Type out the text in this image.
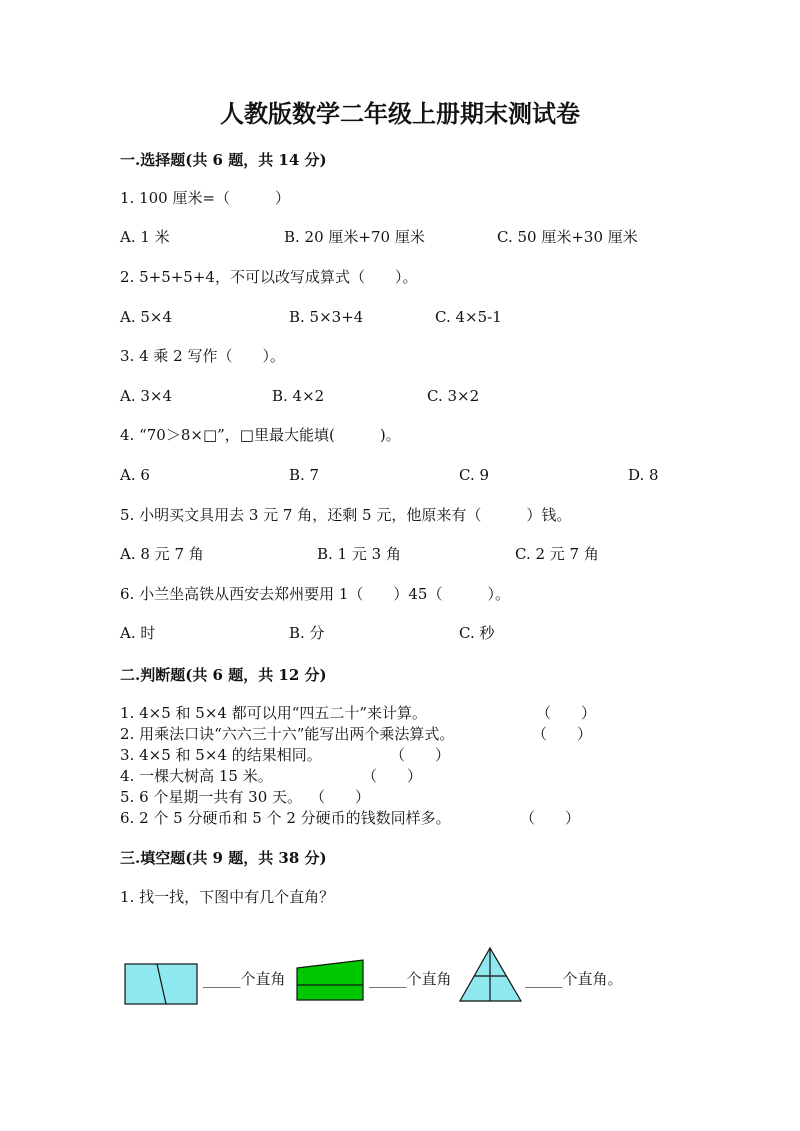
人教版数学二年级上册期末测试卷
一.选择题(共 6 题，共 14 分)
1. 100 厘米=（　　　）
A. 1 米	B. 20 厘米+70 厘米	C. 50 厘米+30 厘米
2. 5+5+5+4，不可以改写成算式（　　）。
A. 5×4	B. 5×3+4	C. 4×5-1
3. 4 乘 2 写作（　　）。
A. 3×4	B. 4×2	C. 3×2
4. “70＞8×□”，□里最大能填(　　　)。
A. 6	B. 7	C. 9	D. 8
5. 小明买文具用去 3 元 7 角，还剩 5 元，他原来有（　　　）钱。
A. 8 元 7 角	B. 1 元 3 角	C. 2 元 7 角
6. 小兰坐高铁从西安去郑州要用 1（　　）45（　　　）。
A. 时	B. 分	C. 秒
二.判断题(共 6 题，共 12 分)
1. 4×5 和 5×4 都可以用“四五二十”来计算。	（　　）
2. 用乘法口诀“六六三十六”能写出两个乘法算式。	（　　）
3. 4×5 和 5×4 的结果相同。	（　　）
4. 一棵大树高 15 米。	（　　）
5. 6 个星期一共有 30 天。 （　　）
6. 2 个 5 分硬币和 5 个 2 分硬币的钱数同样多。	（　　）
三.填空题(共 9 题，共 38 分)
1. 找一找，下图中有几个直角？
_____个直角	_____个直角	_____个直角。
